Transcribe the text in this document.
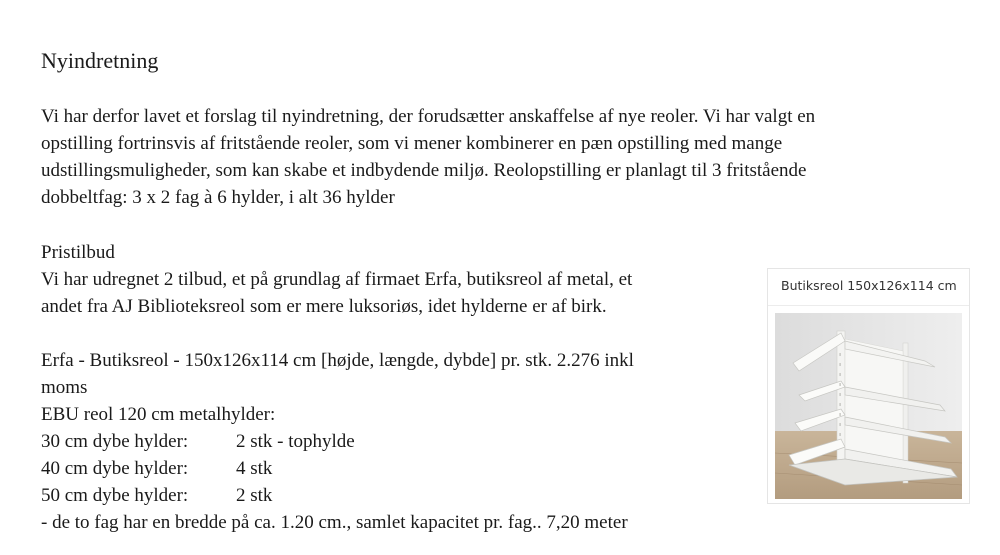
Nyindretning
Vi har derfor lavet et forslag til nyindretning, der forudsætter anskaffelse af nye reoler. Vi har valgt en
opstilling fortrinsvis af fritstående reoler, som vi mener kombinerer en pæn opstilling med mange
udstillingsmuligheder, som kan skabe et indbydende miljø. Reolopstilling er planlagt til 3 fritstående
dobbeltfag: 3 x 2 fag à 6 hylder, i alt 36 hylder
Pristilbud
Vi har udregnet 2 tilbud, et på grundlag af firmaet Erfa, butiksreol af metal, et
andet fra AJ Biblioteksreol som er mere luksoriøs, idet hylderne er af birk.
Erfa - Butiksreol - 150x126x114 cm [højde, længde, dybde] pr. stk. 2.276 inkl
moms
EBU reol 120 cm metalhylder:
30 cm dybe hylder:	2 stk - tophylde
40 cm dybe hylder:	4 stk
50 cm dybe hylder:	2 stk
- de to fag har en bredde på ca. 1.20 cm., samlet kapacitet pr. fag.. 7,20 meter
Butiksreol 150x126x114 cm
